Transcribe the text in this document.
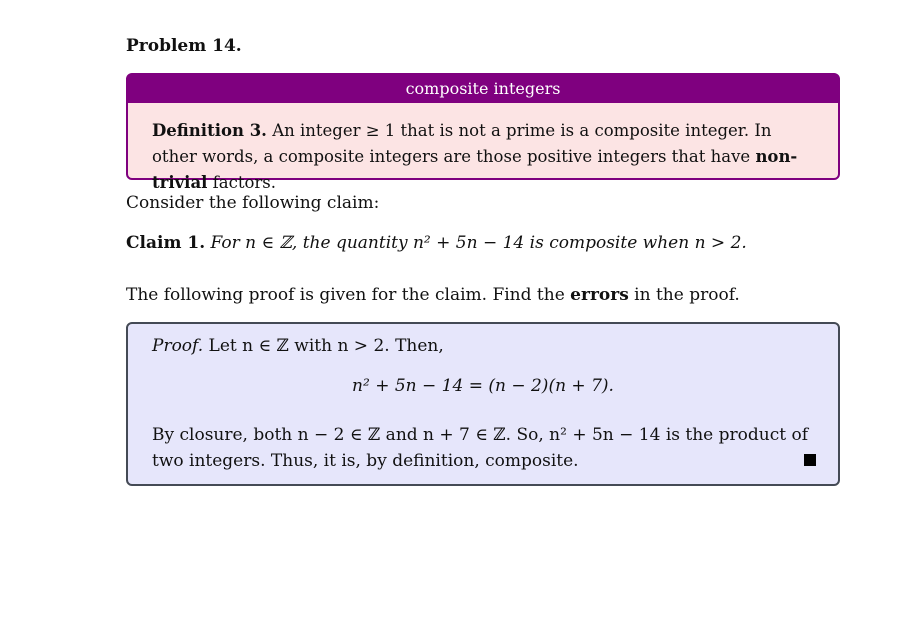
Problem 14.
composite integers
Definition 3. An integer ≥ 1 that is not a prime is a composite integer. In other words, a composite integers are those positive integers that have non-trivial factors.
Consider the following claim:
Claim 1. For n ∈ ℤ, the quantity n² + 5n − 14 is composite when n > 2.
The following proof is given for the claim. Find the errors in the proof.
Proof. Let n ∈ ℤ with n > 2. Then,
n² + 5n − 14 = (n − 2)(n + 7).
By closure, both n − 2 ∈ ℤ and n + 7 ∈ ℤ. So, n² + 5n − 14 is the product of two integers. Thus, it is, by definition, composite.
